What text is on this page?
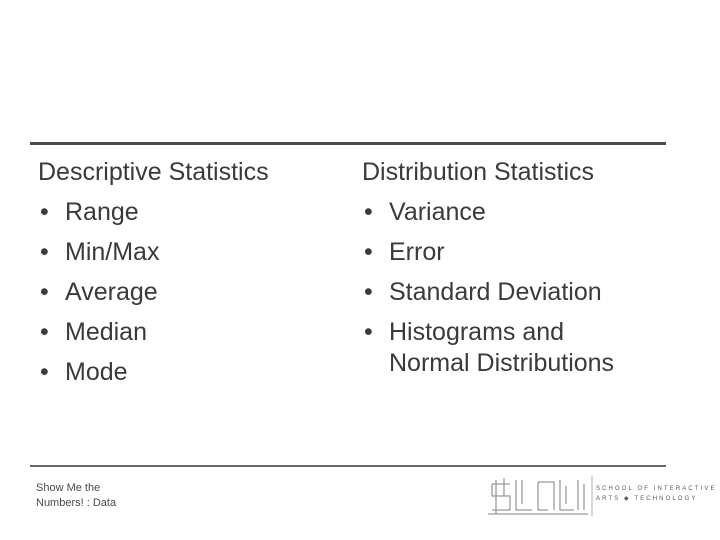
Descriptive Statistics
• Range
• Min/Max
• Average
• Median
• Mode
Distribution Statistics
• Variance
• Error
• Standard Deviation
• Histograms and
Normal Distributions
Show Me the
Numbers! : Data
SCHOOL OF INTERACTIVE
ARTS ◆ TECHNOLOGY
